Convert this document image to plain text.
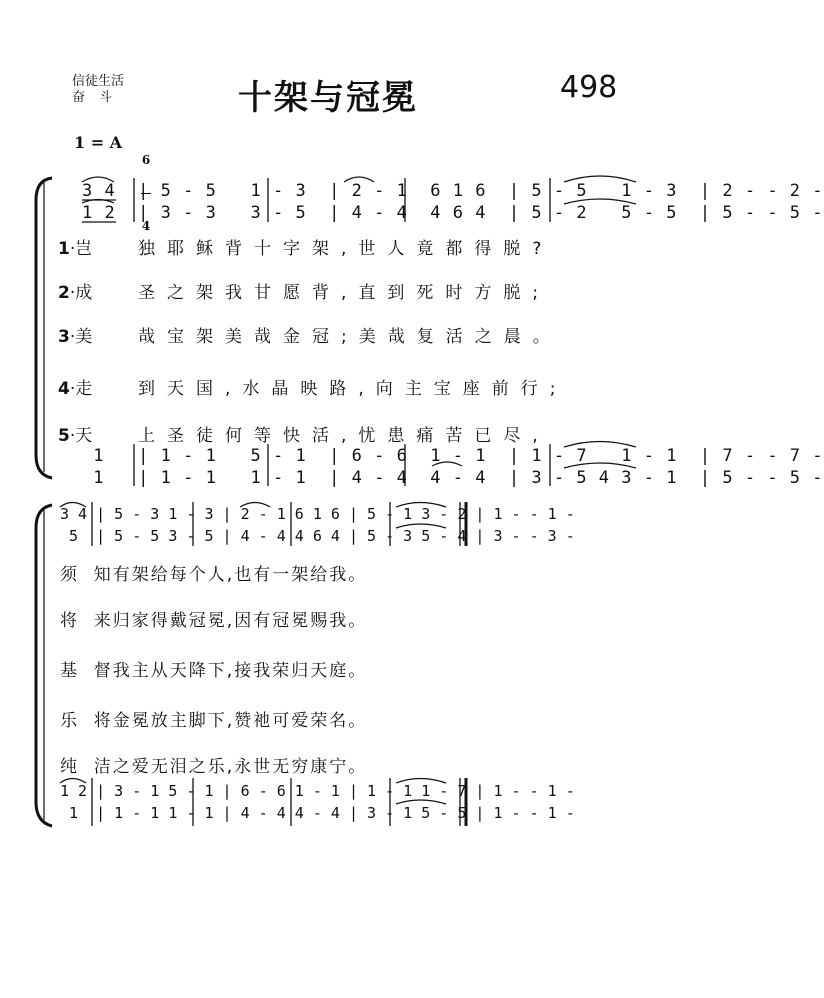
信徒生活
奋斗	十架与冠冕	498
1 = A

6

4

3 4  | 5 - 5   1 - 3  | 2 - 1  6 1 6  | 5 - 5   1 - 3  | 2 - - 2 -
1 2  | 3 - 3   3 - 5  | 4 - 4  4 6 4  | 5 - 2   5 - 5  | 5 - - 5 -
1·岂	独耶稣背十字架,世人竟都得脱?
2·成	圣之架我甘愿背,直到死时方脱;
3·美	哉宝架美哉金冠;美哉复活之晨。
4·走	到天国,水晶映路,向主宝座前行;
5·天	上圣徒何等快活,忧患痛苦已尽,
1   | 1 - 1   5 - 1  | 6 - 6  1 - 1  | 1 - 7   1 - 1  | 7 - - 7 -
1   | 1 - 1   1 - 1  | 4 - 4  4 - 4  | 3 - 5 4 3 - 1  | 5 - - 5 -
3 4 | 5 - 3 1 - 3 | 2 - 1 6 1 6 | 5 - 1 3 - 2 | 1 - - 1 -
5  | 5 - 5 3 - 5 | 4 - 4 4 6 4 | 5 - 3 5 - 4 | 3 - - 3 -
须  知有架给每个人,也有一架给我。
将  来归家得戴冠冕,因有冠冕赐我。
基  督我主从天降下,接我荣归天庭。
乐  将金冕放主脚下,赞祂可爱荣名。
纯  洁之爱无泪之乐,永世无穷康宁。
1 2 | 3 - 1 5 - 1 | 6 - 6 1 - 1 | 1 - 1 1 - 7 | 1 - - 1 -
1  | 1 - 1 1 - 1 | 4 - 4 4 - 4 | 3 - 1 5 - 5 | 1 - - 1 -
